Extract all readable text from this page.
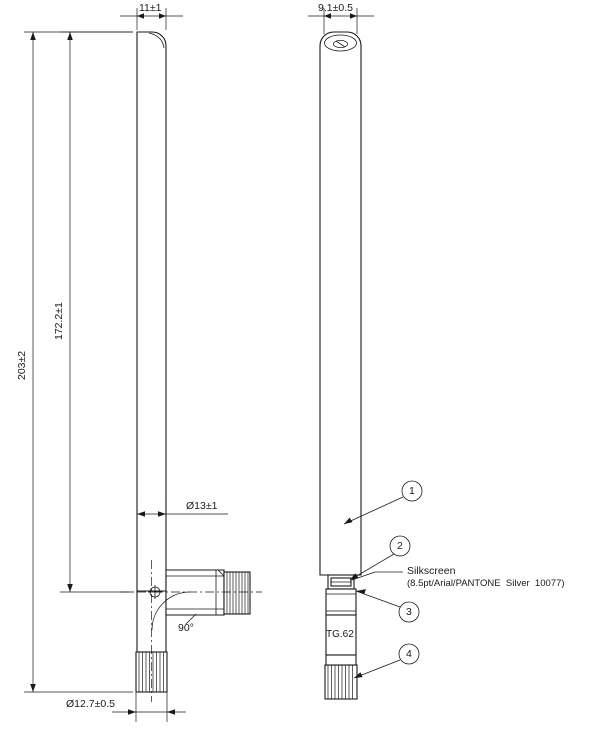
11±1	9.1±0.5
203±2
172.2±1
Ø13±1
Ø12.7±0.5
90°
1
2
3
4
Silkscreen
(8.5pt/Arial/PANTONE  Silver  10077)
TG.62
